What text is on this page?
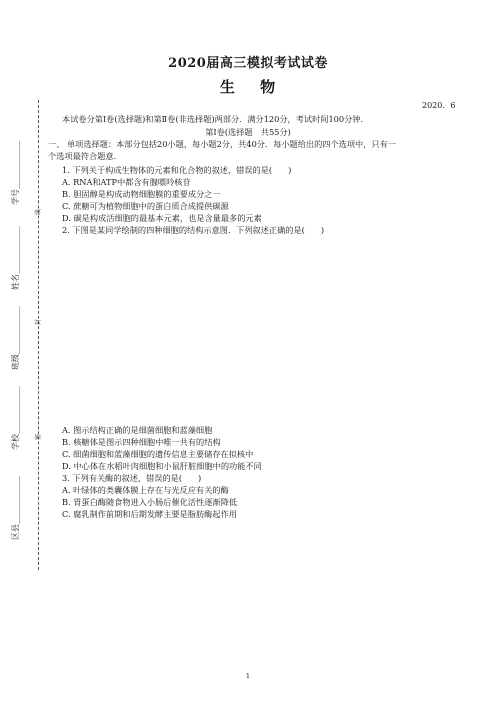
2020届高三模拟考试试卷
生 物
2020．6
本试卷分第Ⅰ卷(选择题)和第Ⅱ卷(非选择题)两部分．满分120分，考试时间100分钟．
第Ⅰ卷(选择题　共55分)
一、 单项选择题：本部分包括20小题，每小题2分，共40分．每小题给出的四个选项中，只有一
个选项最符合题意．
1. 下列关于构成生物体的元素和化合物的叙述，错误的是( )
A. RNA和ATP中都含有腺嘌呤核苷
B. 胆固醇是构成动物细胞膜的重要成分之一
C. 蔗糖可为植物细胞中的蛋白质合成提供碳源
D. 碳是构成活细胞的最基本元素，也是含量最多的元素
2. 下图是某同学绘制的四种细胞的结构示意图．下列叙述正确的是( )
A. 图示结构正确的是细菌细胞和蓝藻细胞
B. 核糖体是图示四种细胞中唯一共有的结构
C. 细菌细胞和蓝藻细胞的遗传信息主要储存在拟核中
D. 中心体在水稻叶肉细胞和小鼠肝脏细胞中的功能不同
3. 下列有关酶的叙述，错误的是( )
A. 叶绿体的类囊体膜上存在与光反应有关的酶
B. 胃蛋白酶随食物进入小肠后催化活性逐渐降低
C. 腐乳制作前期和后期发酵主要是脂肪酶起作用
学号____________
姓名____________
班级____________
学校____________
区县____________
线
封
密
1
